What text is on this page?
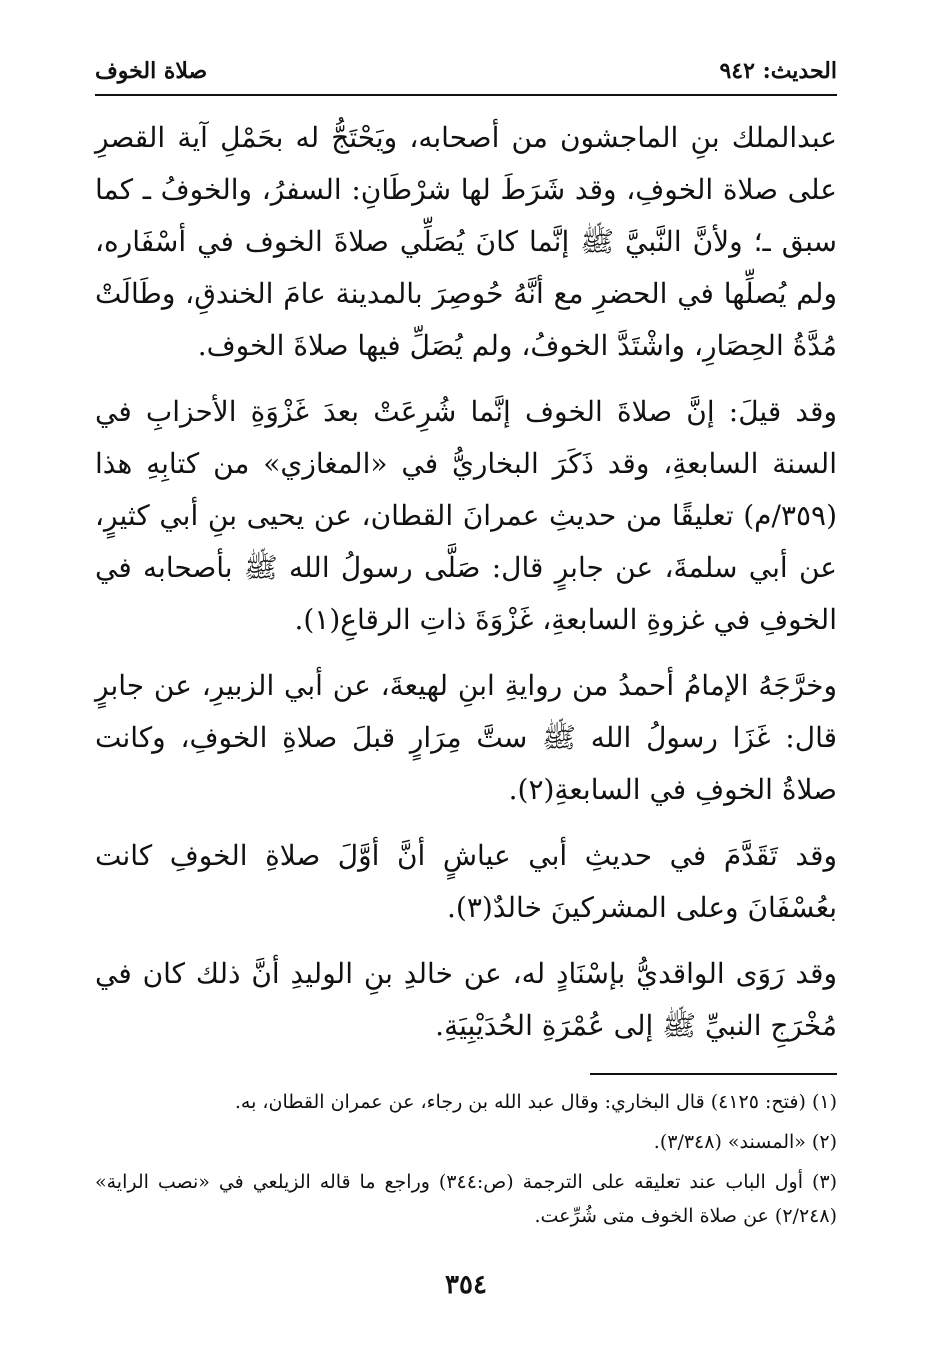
الحديث: ٩٤٢
صلاة الخوف

عبدالملك بنِ الماجشون من أصحابه، ويَحْتَجُّ له بحَمْلِ آية القصرِ على صلاة الخوفِ، وقد شَرَطَ لها شرْطَانِ: السفرُ، والخوفُ ـ كما سبق ـ؛ ولأنَّ النَّبيَّ ﷺ إنَّما كانَ يُصَلِّي صلاةَ الخوف في أسْفَاره، ولم يُصلِّها في الحضرِ مع أنَّهُ حُوصِرَ بالمدينة عامَ الخندقِ، وطَالَتْ مُدَّةُ الحِصَارِ، واشْتَدَّ الخوفُ، ولم يُصَلِّ فيها صلاةَ الخوف.

وقد قيلَ: إنَّ صلاةَ الخوف إنَّما شُرِعَتْ بعدَ غَزْوَةِ الأحزابِ في السنة السابعةِ، وقد ذَكَرَ البخاريُّ في «المغازي» من كتابِهِ هذا (٣٥٩/م) تعليقًا من حديثِ عمرانَ القطان، عن يحيى بنِ أبي كثيرٍ، عن أبي سلمةَ، عن جابرٍ قال: صَلَّى رسولُ الله ﷺ بأصحابه في الخوفِ في غزوةِ السابعةِ، غَزْوَةَ ذاتِ الرقاعِ(١).

وخرَّجَهُ الإمامُ أحمدُ من روايةِ ابنِ لهيعةَ، عن أبي الزبيرِ، عن جابرٍ قال: غَزَا رسولُ الله ﷺ ستَّ مِرَارٍ قبلَ صلاةِ الخوفِ، وكانت صلاةُ الخوفِ في السابعةِ(٢).

وقد تَقَدَّمَ في حديثِ أبي عياشٍ أنَّ أوَّلَ صلاةِ الخوفِ كانت بعُسْفَانَ وعلى المشركينَ خالدٌ(٣).

وقد رَوَى الواقديُّ بإسْنَادٍ له، عن خالدِ بنِ الوليدِ أنَّ ذلك كان في مُخْرَجِ النبيِّ ﷺ إلى عُمْرَةِ الحُدَيْبِيَةِ.

(١) (فتح: ٤١٢٥) قال البخاري: وقال عبد الله بن رجاء، عن عمران القطان، به.

(٢) «المسند» (٣/٣٤٨).

(٣) أول الباب عند تعليقه على الترجمة (ص:٣٤٤) وراجع ما قاله الزيلعي في «نصب الراية» (٢/٢٤٨) عن صلاة الخوف متى شُرِّعت.

٣٥٤
